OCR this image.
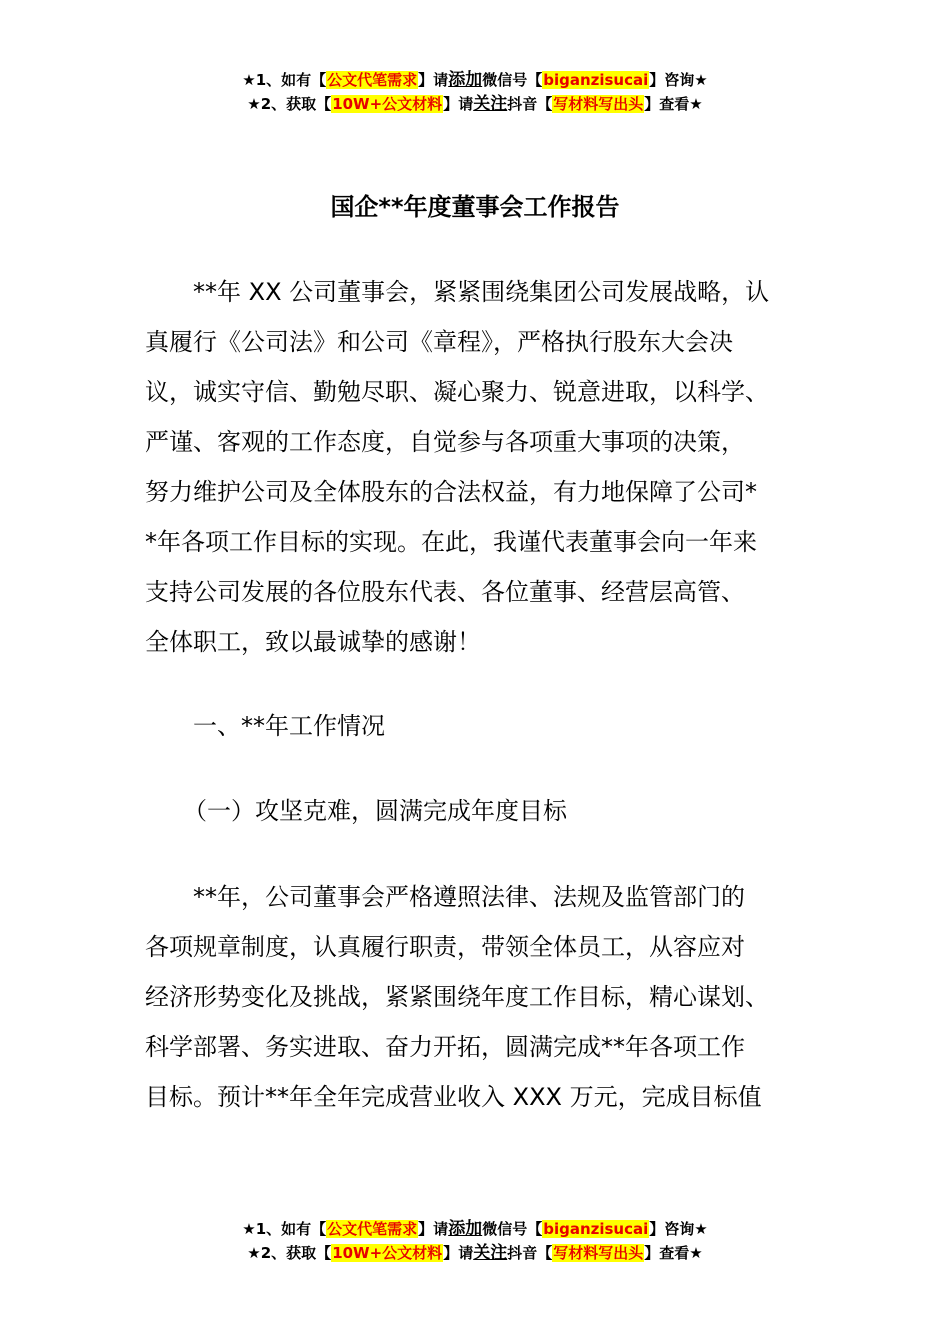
★1、如有【公文代笔需求】请添加微信号【biganzisucai】咨询★
★2、获取【10W+公文材料】请关注抖音【写材料写出头】查看★
国企**年度董事会工作报告
　　**年 XX 公司董事会，紧紧围绕集团公司发展战略，认
真履行《公司法》和公司《章程》，严格执行股东大会决
议，诚实守信、勤勉尽职、凝心聚力、锐意进取，以科学、
严谨、客观的工作态度，自觉参与各项重大事项的决策，
努力维护公司及全体股东的合法权益，有力地保障了公司*
*年各项工作目标的实现。在此，我谨代表董事会向一年来
支持公司发展的各位股东代表、各位董事、经营层高管、
全体职工，致以最诚挚的感谢！
一、**年工作情况
（一）攻坚克难，圆满完成年度目标
　　**年，公司董事会严格遵照法律、法规及监管部门的
各项规章制度，认真履行职责，带领全体员工，从容应对
经济形势变化及挑战，紧紧围绕年度工作目标，精心谋划、
科学部署、务实进取、奋力开拓，圆满完成**年各项工作
目标。预计**年全年完成营业收入 XXX 万元，完成目标值
★1、如有【公文代笔需求】请添加微信号【biganzisucai】咨询★
★2、获取【10W+公文材料】请关注抖音【写材料写出头】查看★
